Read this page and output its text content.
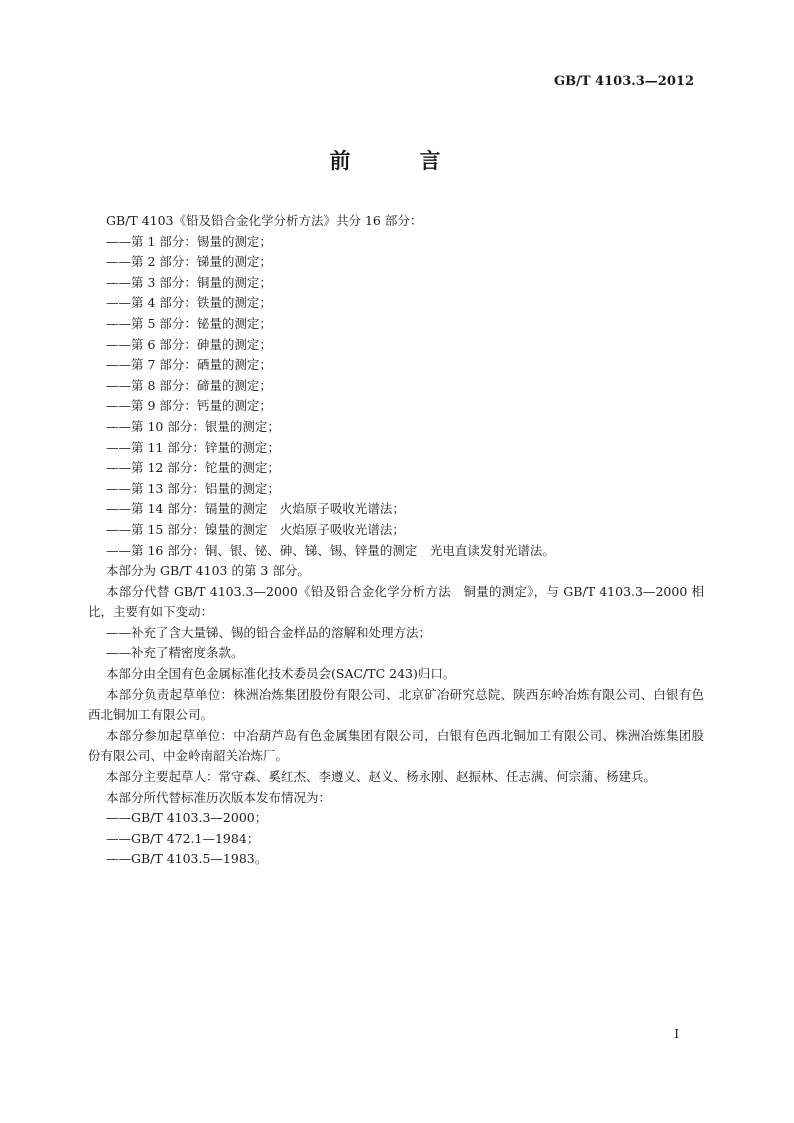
GB/T 4103.3—2012
前　言
GB/T 4103《铅及铅合金化学分析方法》共分 16 部分：
——第 1 部分：锡量的测定；
——第 2 部分：锑量的测定；
——第 3 部分：铜量的测定；
——第 4 部分：铁量的测定；
——第 5 部分：铋量的测定；
——第 6 部分：砷量的测定；
——第 7 部分：硒量的测定；
——第 8 部分：碲量的测定；
——第 9 部分：钙量的测定；
——第 10 部分：银量的测定；
——第 11 部分：锌量的测定；
——第 12 部分：铊量的测定；
——第 13 部分：铝量的测定；
——第 14 部分：镉量的测定　火焰原子吸收光谱法；
——第 15 部分：镍量的测定　火焰原子吸收光谱法；
——第 16 部分：铜、银、铋、砷、锑、锡、锌量的测定　光电直读发射光谱法。
本部分为 GB/T 4103 的第 3 部分。
本部分代替 GB/T 4103.3—2000《铅及铅合金化学分析方法　铜量的测定》，与 GB/T 4103.3—2000 相比，主要有如下变动：
——补充了含大量锑、锡的铅合金样品的溶解和处理方法；
——补充了精密度条款。
本部分由全国有色金属标准化技术委员会(SAC/TC 243)归口。
本部分负责起草单位：株洲冶炼集团股份有限公司、北京矿冶研究总院、陕西东岭冶炼有限公司、白银有色西北铜加工有限公司。
本部分参加起草单位：中冶葫芦岛有色金属集团有限公司，白银有色西北铜加工有限公司、株洲冶炼集团股份有限公司、中金岭南韶关冶炼厂。
本部分主要起草人：常守森、奚红杰、李遵义、赵义、杨永刚、赵振林、任志满、何宗蒲、杨建兵。
本部分所代替标准历次版本发布情况为：
——GB/T 4103.3—2000；
——GB/T 472.1—1984；
——GB/T 4103.5—1983。
Ⅰ
